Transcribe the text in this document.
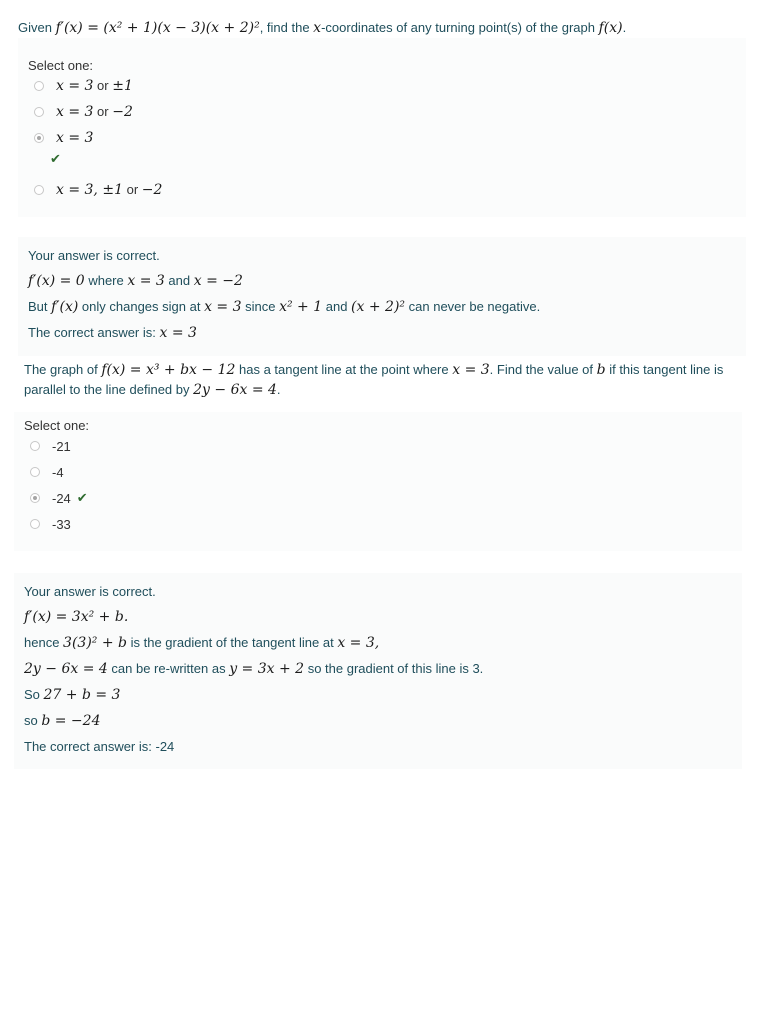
Given f′(x) = (x² + 1)(x − 3)(x + 2)², find the x-coordinates of any turning point(s) of the graph f(x).
Select one:
x = 3 or ±1
x = 3 or −2
x = 3
✔
x = 3, ±1 or −2
Your answer is correct.
f′(x) = 0 where x = 3 and x = −2
But f′(x) only changes sign at x = 3 since x² + 1 and (x + 2)² can never be negative.
The correct answer is: x = 3
The graph of f(x) = x³ + bx − 12 has a tangent line at the point where x = 3. Find the value of b if this tangent line is parallel to the line defined by 2y − 6x = 4.
Select one:
-21
-4
-24 ✔
-33
Your answer is correct.
f′(x) = 3x² + b.
hence 3(3)² + b is the gradient of the tangent line at x = 3,
2y − 6x = 4 can be re-written as y = 3x + 2 so the gradient of this line is 3.
So 27 + b = 3
so b = −24
The correct answer is: -24
